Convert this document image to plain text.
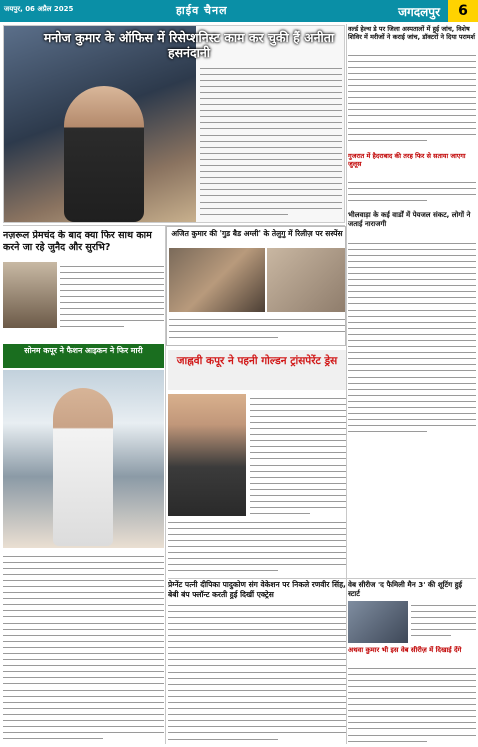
जयपुर, 06 अप्रैल 2025	हाईव चैनल	जगदलपुर	6
मनोज कुमार के ऑफिस में रिसेप्शनिस्ट काम कर चुकी हैं अनीता हसनंदानी
वर्ल्ड हेल्थ डे पर जिला अस्पतालों में हुई जांच, विशेष शिविर में मरीजों ने कराई जांच, डॉक्टरों ने दिया परामर्श
गुजरात में हैदराबाद की तरह फिर से सताया जाएगा जुलूस
भीलवाड़ा के कई वार्डों में पेयजल संकट, लोगों ने जताई नाराजगी
नज़रूल प्रेमचंद के बाद क्या फिर साथ काम करने जा रहे जुनैद और सुरभि?
अजित कुमार की 'गुड बैड अग्ली' के तेलुगु में रिलीज़ पर सस्पेंस
सोनम कपूर ने फैशन आइकन ने फिर मारी
जाह्नवी कपूर ने पहनी गोल्डन ट्रांसपेरेंट ड्रेस
प्रेग्नेंट पत्नी दीपिका पादुकोण संग वेकेशन पर निकले रणवीर सिंह, बेबी बंप फ्लॉन्ट करती हुई दिखीं एक्ट्रेस
वेब सीरीज 'द फैमिली मैन 3' की शूटिंग हुई स्टार्ट
अथवा कुमार भी इस वेब सीरीज़ में दिखाई देंगे
